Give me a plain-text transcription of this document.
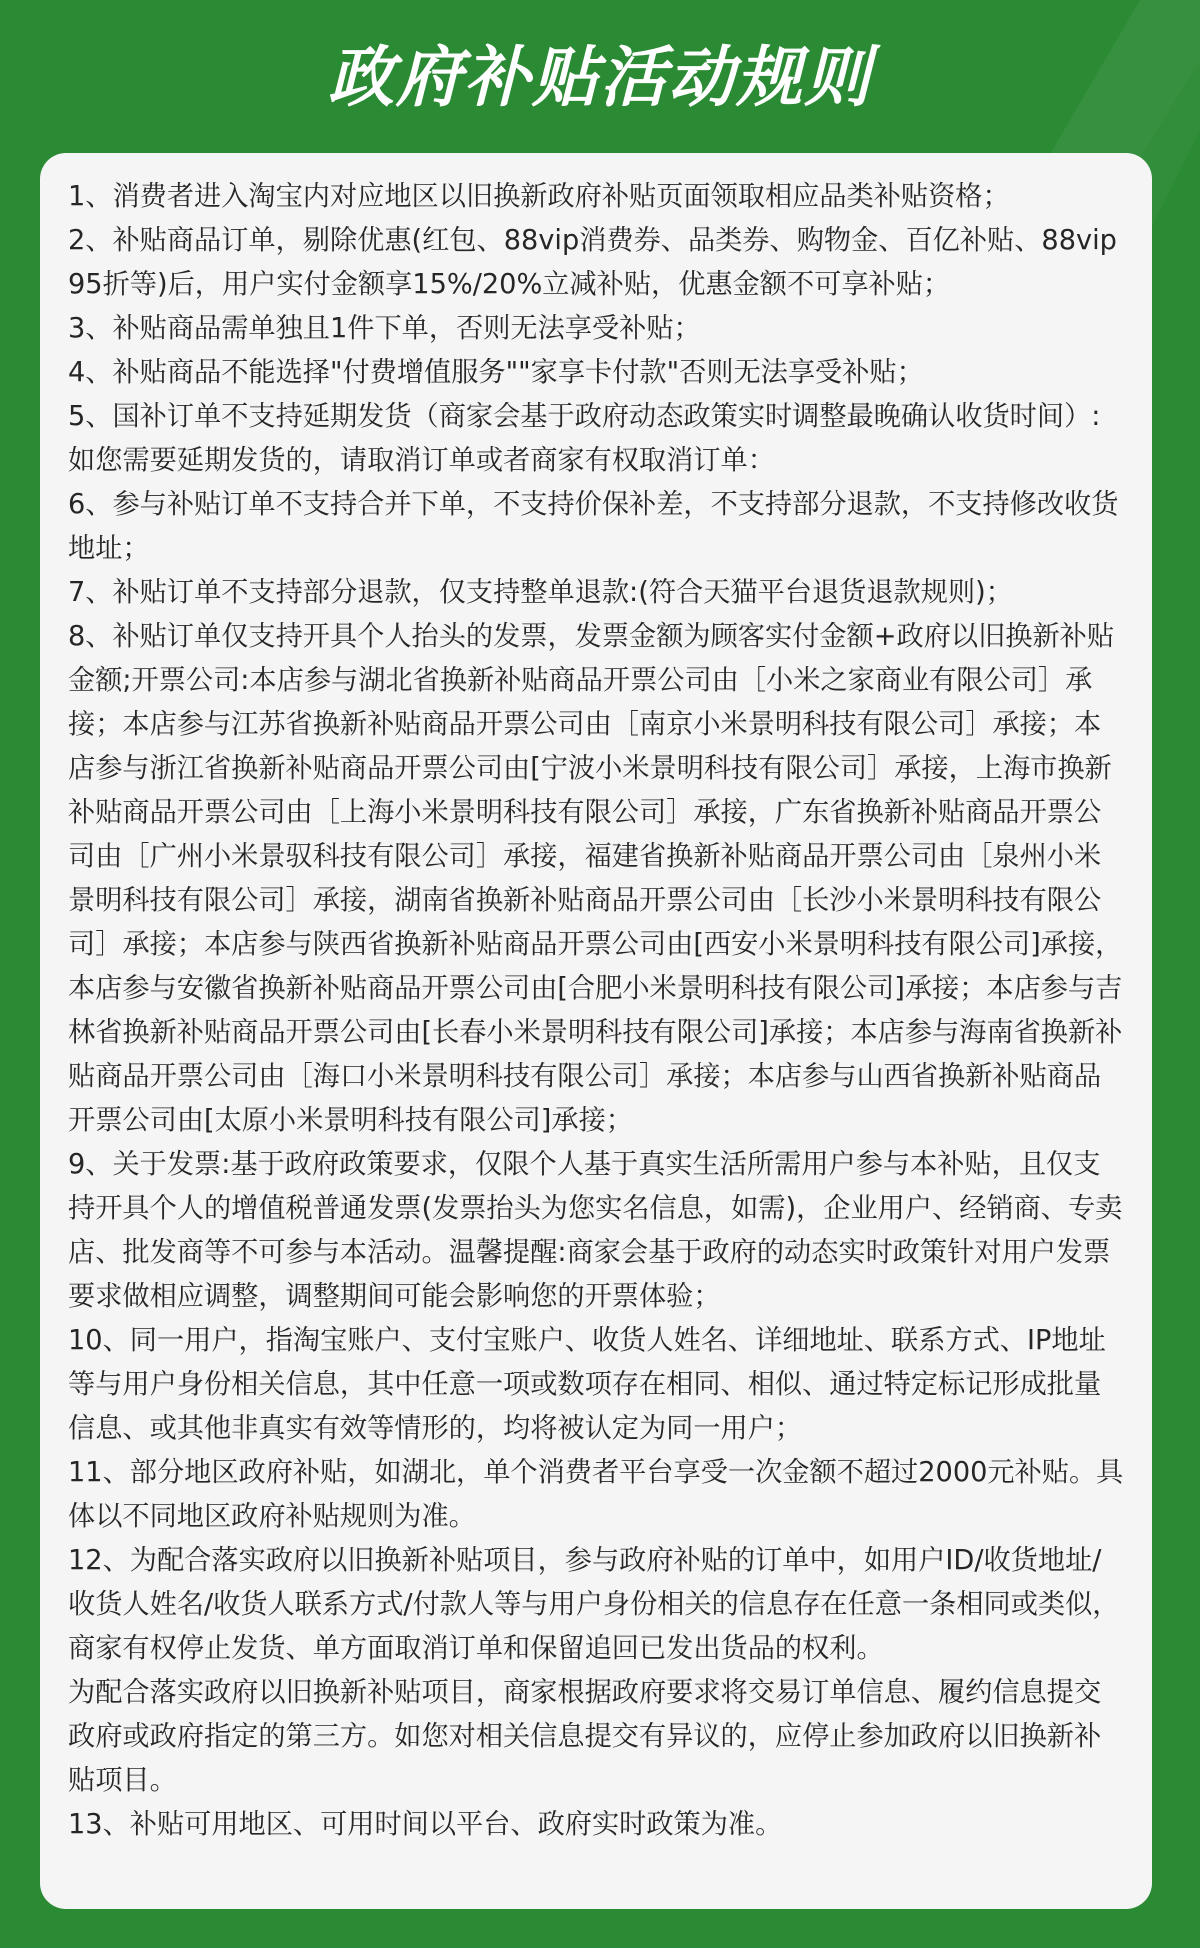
政府补贴活动规则
1、消费者进入淘宝内对应地区以旧换新政府补贴页面领取相应品类补贴资格；
2、补贴商品订单，剔除优惠(红包、88vip消费券、品类券、购物金、百亿补贴、88vip95折等)后，用户实付金额享15%/20%立减补贴，优惠金额不可享补贴；
3、补贴商品需单独且1件下单，否则无法享受补贴；
4、补贴商品不能选择"付费增值服务""家享卡付款"否则无法享受补贴；
5、国补订单不支持延期发货（商家会基于政府动态政策实时调整最晚确认收货时间）:如您需要延期发货的，请取消订单或者商家有权取消订单：
6、参与补贴订单不支持合并下单，不支持价保补差，不支持部分退款，不支持修改收货地址；
7、补贴订单不支持部分退款，仅支持整单退款:(符合天猫平台退货退款规则)；
8、补贴订单仅支持开具个人抬头的发票，发票金额为顾客实付金额+政府以旧换新补贴金额;开票公司:本店参与湖北省换新补贴商品开票公司由［小米之家商业有限公司］承接；本店参与江苏省换新补贴商品开票公司由［南京小米景明科技有限公司］承接；本店参与浙江省换新补贴商品开票公司由[宁波小米景明科技有限公司］承接，上海市换新补贴商品开票公司由［上海小米景明科技有限公司］承接，广东省换新补贴商品开票公司由［广州小米景驭科技有限公司］承接，福建省换新补贴商品开票公司由［泉州小米景明科技有限公司］承接，湖南省换新补贴商品开票公司由［长沙小米景明科技有限公司］承接；本店参与陕西省换新补贴商品开票公司由[西安小米景明科技有限公司]承接，本店参与安徽省换新补贴商品开票公司由[合肥小米景明科技有限公司]承接；本店参与吉林省换新补贴商品开票公司由[长春小米景明科技有限公司]承接；本店参与海南省换新补贴商品开票公司由［海口小米景明科技有限公司］承接；本店参与山西省换新补贴商品开票公司由[太原小米景明科技有限公司]承接；
9、关于发票:基于政府政策要求，仅限个人基于真实生活所需用户参与本补贴，且仅支持开具个人的增值税普通发票(发票抬头为您实名信息，如需)，企业用户、经销商、专卖店、批发商等不可参与本活动。温馨提醒:商家会基于政府的动态实时政策针对用户发票要求做相应调整，调整期间可能会影响您的开票体验；
10、同一用户，指淘宝账户、支付宝账户、收货人姓名、详细地址、联系方式、IP地址等与用户身份相关信息，其中任意一项或数项存在相同、相似、通过特定标记形成批量信息、或其他非真实有效等情形的，均将被认定为同一用户；
11、部分地区政府补贴，如湖北，单个消费者平台享受一次金额不超过2000元补贴。具体以不同地区政府补贴规则为准。
12、为配合落实政府以旧换新补贴项目，参与政府补贴的订单中，如用户ID/收货地址/收货人姓名/收货人联系方式/付款人等与用户身份相关的信息存在任意一条相同或类似，商家有权停止发货、单方面取消订单和保留追回已发出货品的权利。
为配合落实政府以旧换新补贴项目，商家根据政府要求将交易订单信息、履约信息提交政府或政府指定的第三方。如您对相关信息提交有异议的，应停止参加政府以旧换新补贴项目。
13、补贴可用地区、可用时间以平台、政府实时政策为准。
